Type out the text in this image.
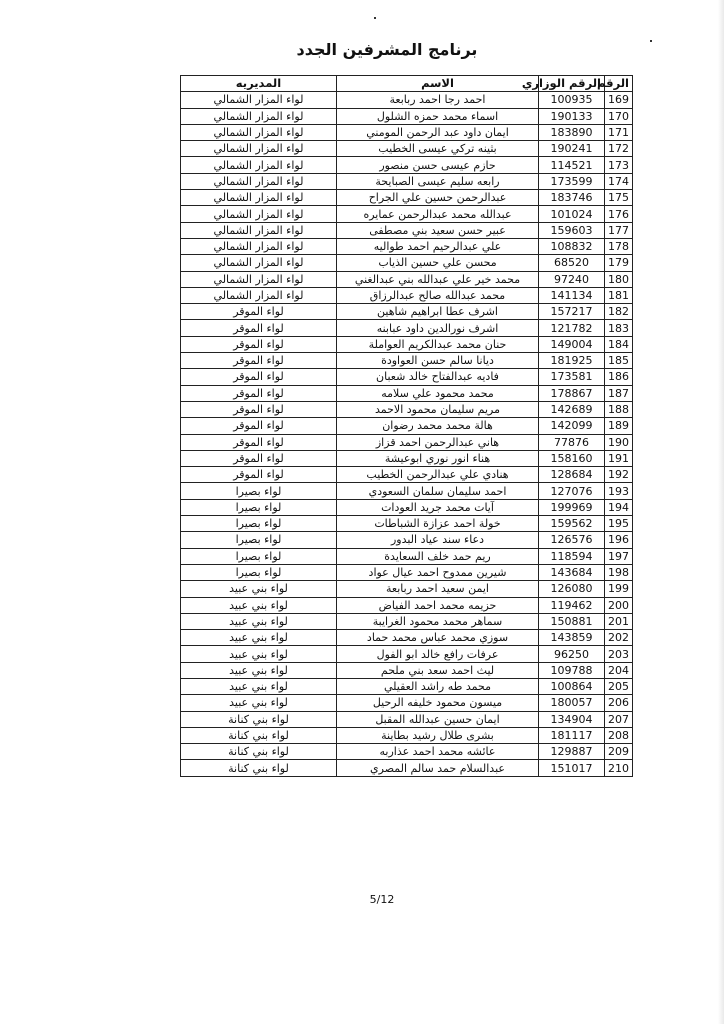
برنامج المشرفين الجدد
الرقم	الرقم الوزاري	الاسم	المديريه
169	100935	احمد رجا احمد ربابعة	لواء المزار الشمالي
170	190133	اسماء محمد حمزه الشلول	لواء المزار الشمالي
171	183890	ايمان داود عبد الرحمن المومني	لواء المزار الشمالي
172	190241	بثينه تركي عيسى الخطيب	لواء المزار الشمالي
173	114521	حازم عيسى حسن منصور	لواء المزار الشمالي
174	173599	رابعه سليم عيسى الصبايحة	لواء المزار الشمالي
175	183746	عبدالرحمن حسين علي الجراح	لواء المزار الشمالي
176	101024	عبدالله محمد عبدالرحمن عمايره	لواء المزار الشمالي
177	159603	عبير حسن سعيد بني مصطفى	لواء المزار الشمالي
178	108832	علي عبدالرحيم احمد طواليه	لواء المزار الشمالي
179	68520	محسن علي حسين الذياب	لواء المزار الشمالي
180	97240	محمد خير علي عبدالله بني عبدالغني	لواء المزار الشمالي
181	141134	محمد عبدالله صالح عبدالرزاق	لواء المزار الشمالي
182	157217	اشرف عطا ابراهيم شاهين	لواء الموقر
183	121782	اشرف نورالدين داود عبابنه	لواء الموقر
184	149004	حنان محمد عبدالكريم العواملة	لواء الموقر
185	181925	ديانا سالم حسن العواودة	لواء الموقر
186	173581	فاديه عبدالفتاح خالد شعبان	لواء الموقر
187	178867	محمد محمود علي سلامه	لواء الموقر
188	142689	مريم سليمان محمود الاحمد	لواء الموقر
189	142099	هالة محمد محمد رضوان	لواء الموقر
190	77876	هاني عبدالرحمن احمد قزاز	لواء الموقر
191	158160	هناء انور نوري ابوعيشة	لواء الموقر
192	128684	هنادي علي عبدالرحمن الخطيب	لواء الموقر
193	127076	احمد سليمان سلمان السعودي	لواء بصيرا
194	199969	آيات محمد جريد العودات	لواء بصيرا
195	159562	خولة احمد عزازة الشباطات	لواء بصيرا
196	126576	دعاء سند عياد البدور	لواء بصيرا
197	118594	ريم حمد خلف السعايدة	لواء بصيرا
198	143684	شيرين ممدوح احمد عيال عواد	لواء بصيرا
199	126080	ايمن سعيد احمد ربابعة	لواء بني عبيد
200	119462	حزيمه محمد احمد الفياض	لواء بني عبيد
201	150881	سماهر محمد محمود الغرايبة	لواء بني عبيد
202	143859	سوزي محمد عباس محمد حماد	لواء بني عبيد
203	96250	عرفات رافع خالد ابو الفول	لواء بني عبيد
204	109788	ليث احمد سعد بني ملحم	لواء بني عبيد
205	100864	محمد طه راشد العقيلي	لواء بني عبيد
206	180057	ميسون محمود خليفه الرحيل	لواء بني عبيد
207	134904	ايمان حسين عبدالله المقبل	لواء بني كنانة
208	181117	بشرى طلال رشيد بطاينة	لواء بني كنانة
209	129887	عائشه محمد احمد عذاربه	لواء بني كنانة
210	151017	عبدالسلام حمد سالم المصري	لواء بني كنانة
5/12
